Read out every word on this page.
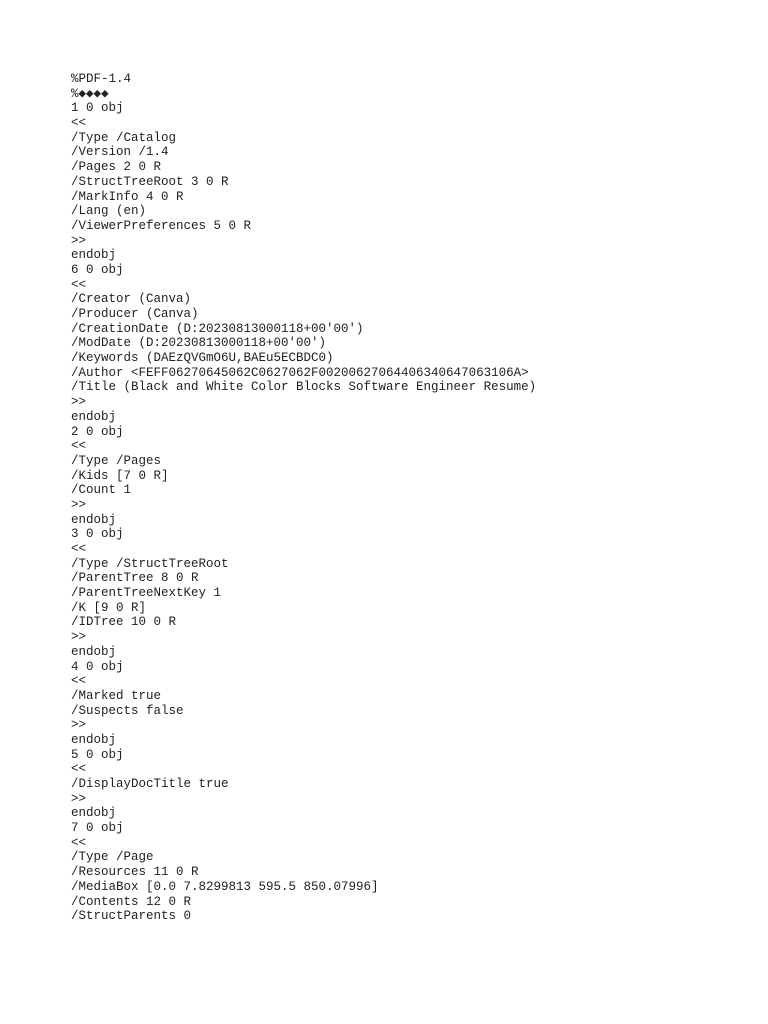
%PDF-1.4
%◆◆◆◆
1 0 obj
<<
/Type /Catalog
/Version /1.4
/Pages 2 0 R
/StructTreeRoot 3 0 R
/MarkInfo 4 0 R
/Lang (en)
/ViewerPreferences 5 0 R
>>
endobj
6 0 obj
<<
/Creator (Canva)
/Producer (Canva)
/CreationDate (D:20230813000118+00'00')
/ModDate (D:20230813000118+00'00')
/Keywords (DAEzQVGmO6U,BAEu5ECBDC0)
/Author <FEFF06270645062C0627062F00200627064406340647063106A>
/Title (Black and White Color Blocks Software Engineer Resume)
>>
endobj
2 0 obj
<<
/Type /Pages
/Kids [7 0 R]
/Count 1
>>
endobj
3 0 obj
<<
/Type /StructTreeRoot
/ParentTree 8 0 R
/ParentTreeNextKey 1
/K [9 0 R]
/IDTree 10 0 R
>>
endobj
4 0 obj
<<
/Marked true
/Suspects false
>>
endobj
5 0 obj
<<
/DisplayDocTitle true
>>
endobj
7 0 obj
<<
/Type /Page
/Resources 11 0 R
/MediaBox [0.0 7.8299813 595.5 850.07996]
/Contents 12 0 R
/StructParents 0
